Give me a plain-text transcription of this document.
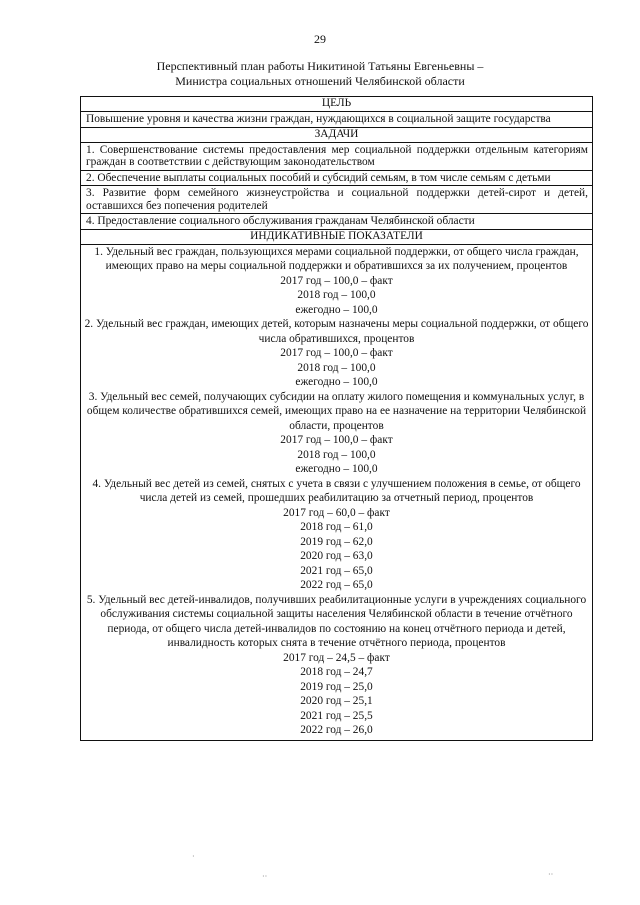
29
Перспективный план работы Никитиной Татьяны Евгеньевны –
Министра социальных отношений Челябинской области
ЦЕЛЬ
Повышение уровня и качества жизни граждан, нуждающихся в социальной защите государства
ЗАДАЧИ
1. Совершенствование системы предоставления мер социальной поддержки отдельным категориям граждан в соответствии с действующим законодательством
2. Обеспечение выплаты социальных пособий и субсидий семьям, в том числе семьям с детьми
3. Развитие форм семейного жизнеустройства и социальной поддержки детей-сирот и детей, оставшихся без попечения родителей
4. Предоставление социального обслуживания гражданам Челябинской области
ИНДИКАТИВНЫЕ ПОКАЗАТЕЛИ
1. Удельный вес граждан, пользующихся мерами социальной поддержки, от общего числа граждан, имеющих право на меры социальной поддержки и обратившихся за их получением, процентов
2017 год – 100,0 – факт
2018 год – 100,0
ежегодно – 100,0
2. Удельный вес граждан, имеющих детей, которым назначены меры социальной поддержки, от общего числа обратившихся, процентов
2017 год – 100,0 – факт
2018 год – 100,0
ежегодно – 100,0
3. Удельный вес семей, получающих субсидии на оплату жилого помещения и коммунальных услуг, в общем количестве обратившихся семей, имеющих право на ее назначение на территории Челябинской области, процентов
2017 год – 100,0 – факт
2018 год – 100,0
ежегодно – 100,0
4. Удельный вес детей из семей, снятых с учета в связи с улучшением положения в семье, от общего числа детей из семей, прошедших реабилитацию за отчетный период, процентов
2017 год – 60,0 – факт
2018 год – 61,0
2019 год – 62,0
2020 год – 63,0
2021 год – 65,0
2022 год – 65,0
5. Удельный вес детей-инвалидов, получивших реабилитационные услуги в учреждениях социального обслуживания системы социальной защиты населения Челябинской области в течение отчётного периода, от общего числа детей-инвалидов по состоянию на конец отчётного периода и детей, инвалидность которых снята в течение отчётного периода, процентов
2017 год – 24,5 – факт
2018 год – 24,7
2019 год – 25,0
2020 год – 25,1
2021 год – 25,5
2022 год – 26,0
·
··	··
